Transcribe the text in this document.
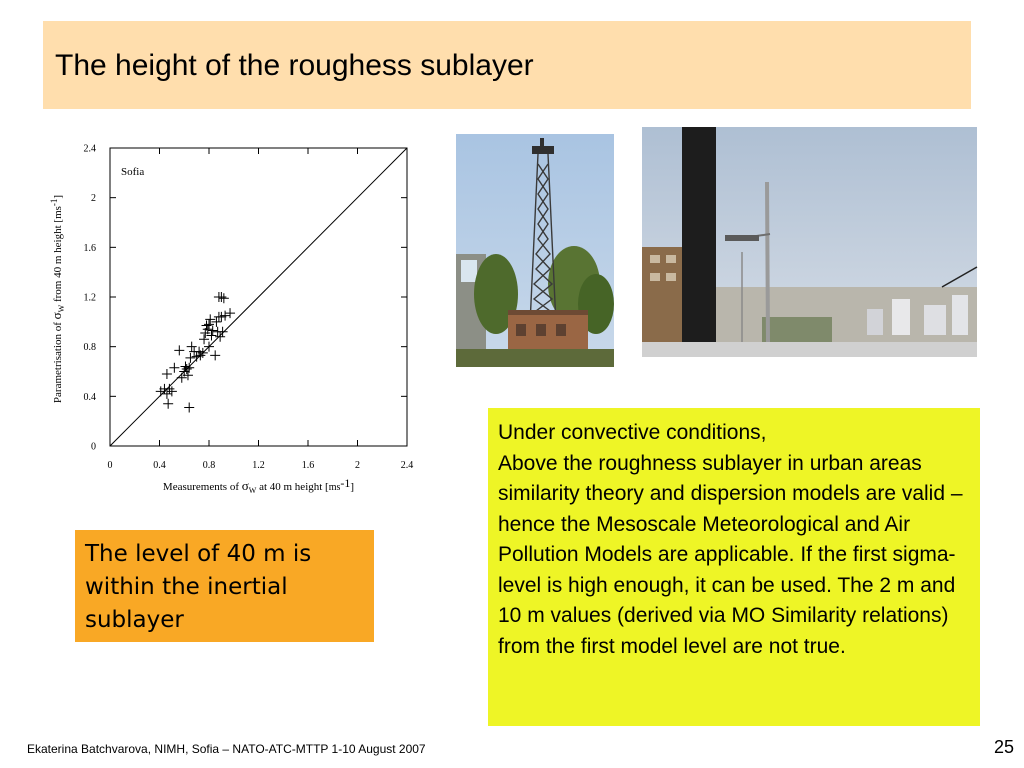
The height of the roughess sublayer
0	0.4	0.8	1.2	1.6	2	2.4
0
0.4
0.8
1.2
1.6
2
2.4
Sofia
Measurements of $\sigma_W$ at 40 m height [ms-1]
Parametrisation of $\sigma_W$ from 40 m height $[ms^{-1}]$
The level of 40 m is within the inertial sublayer
Under convective conditions,
Above the roughness sublayer in urban areas similarity theory and dispersion models are valid – hence the Mesoscale Meteorological and Air Pollution Models are applicable. If the first sigma-level is high enough, it can be used. The 2 m and 10 m values (derived via MO Similarity relations) from the first model level are not true.
Ekaterina Batchvarova, NIMH, Sofia – NATO-ATC-MTTP 1-10 August 2007	25
